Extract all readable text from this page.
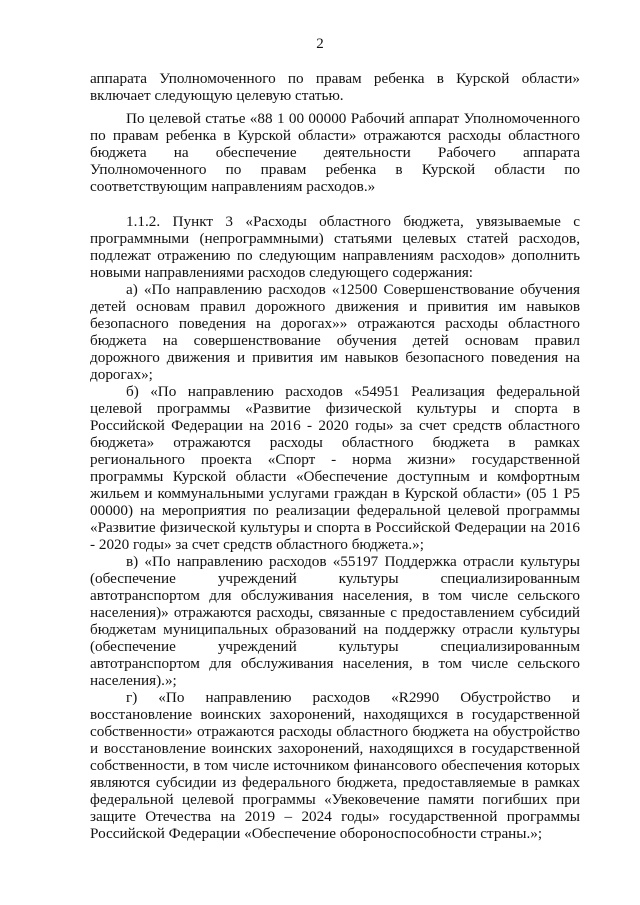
2
аппарата Уполномоченного по правам ребенка в Курской области»
включает следующую целевую статью.
По целевой статье «88 1 00 00000 Рабочий аппарат Уполномоченного
по правам ребенка в Курской области» отражаются расходы областного
бюджета на обеспечение деятельности Рабочего аппарата
Уполномоченного по правам ребенка в Курской области по
соответствующим направлениям расходов.»
1.1.2. Пункт 3 «Расходы областного бюджета, увязываемые с
программными (непрограммными) статьями целевых статей расходов,
подлежат отражению по следующим направлениям расходов» дополнить
новыми направлениями расходов следующего содержания:
а) «По направлению расходов «12500 Совершенствование обучения
детей основам правил дорожного движения и привития им навыков
безопасного поведения на дорогах»» отражаются расходы областного
бюджета на совершенствование обучения детей основам правил
дорожного движения и привития им навыков безопасного поведения на
дорогах»;
б) «По направлению расходов «54951 Реализация федеральной
целевой программы «Развитие физической культуры и спорта в
Российской Федерации на 2016 - 2020 годы» за счет средств областного
бюджета» отражаются расходы областного бюджета в рамках
регионального проекта «Спорт - норма жизни» государственной
программы Курской области «Обеспечение доступным и комфортным
жильем и коммунальными услугами граждан в Курской области» (05 1 Р5
00000) на мероприятия по реализации федеральной целевой программы
«Развитие физической культуры и спорта в Российской Федерации на 2016
- 2020 годы» за счет средств областного бюджета.»;
в) «По направлению расходов «55197 Поддержка отрасли культуры
(обеспечение учреждений культуры специализированным
автотранспортом для обслуживания населения, в том числе сельского
населения)» отражаются расходы, связанные с предоставлением субсидий
бюджетам муниципальных образований на поддержку отрасли культуры
(обеспечение учреждений культуры специализированным
автотранспортом для обслуживания населения, в том числе сельского
населения).»;
г) «По направлению расходов «R2990 Обустройство и
восстановление воинских захоронений, находящихся в государственной
собственности» отражаются расходы областного бюджета на обустройство
и восстановление воинских захоронений, находящихся в государственной
собственности, в том числе источником финансового обеспечения которых
являются субсидии из федерального бюджета, предоставляемые в рамках
федеральной целевой программы «Увековечение памяти погибших при
защите Отечества на 2019 – 2024 годы» государственной программы
Российской Федерации «Обеспечение обороноспособности страны.»;
